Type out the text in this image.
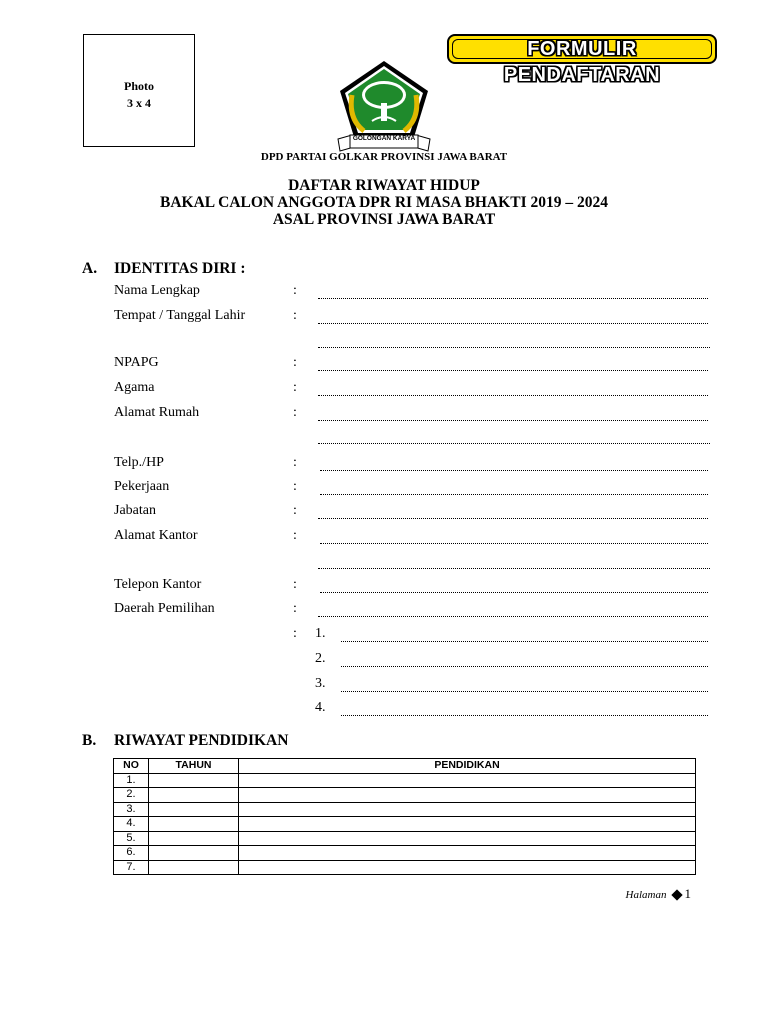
Photo
3 x 4
GOLONGAN KARYA
FORMULIR PENDAFTARAN
DPD PARTAI GOLKAR PROVINSI JAWA BARAT
DAFTAR RIWAYAT HIDUP
BAKAL CALON ANGGOTA DPR RI MASA BHAKTI 2019 – 2024
ASAL PROVINSI JAWA BARAT
A. IDENTITAS DIRI :
Nama Lengkap	:
Tempat / Tanggal Lahir	:
NPAPG	:
Agama	:
Alamat Rumah	:
Telp./HP	:
Pekerjaan	:
Jabatan	:
Alamat Kantor	:
Telepon Kantor	:
Daerah Pemilihan	:
: 1.
2.
3.
4.
B. RIWAYAT PENDIDIKAN
NO	TAHUN	PENDIDIKAN
1.		
2.		
3.		
4.		
5.		
6.		
7.		
Halaman 1
